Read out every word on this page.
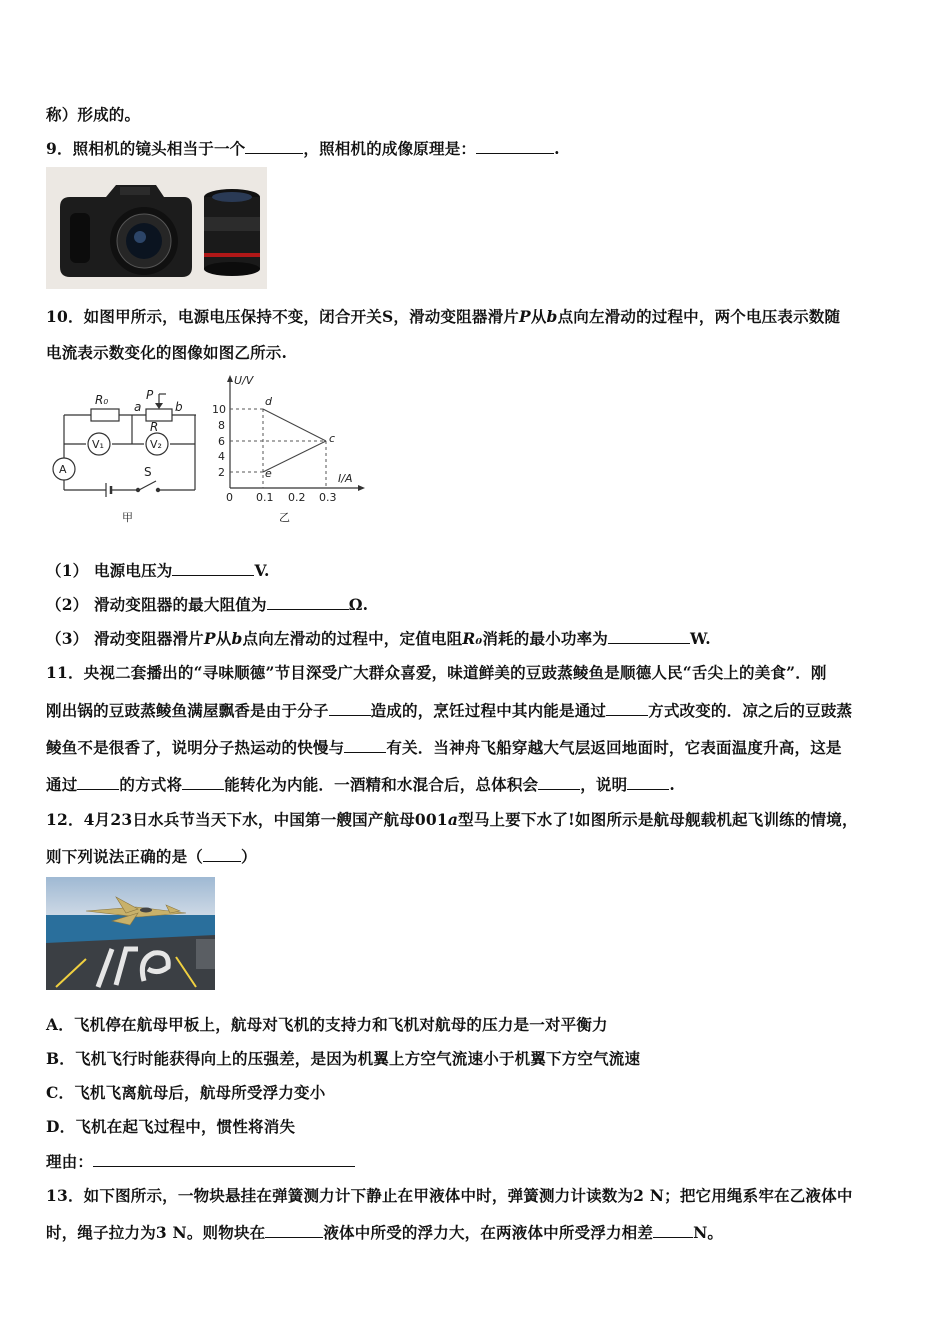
称）形成的。
9．照相机的镜头相当于一个	，照相机的成像原理是：	.
10．如图甲所示，电源电压保持不变，闭合开关S，滑动变阻器滑片P从b点向左滑动的过程中，两个电压表示数随
电流表示数变化的图像如图乙所示.
R₀ a
P
b
R
V₁	V₂
A	S
甲
U/V
I/A
10
8
6
4
2
0 0.1 0.2 0.3
d
c
e
乙
（1） 电源电压为	V.
（2） 滑动变阻器的最大阻值为	Ω.
（3） 滑动变阻器滑片P从b点向左滑动的过程中，定值电阻R₀消耗的最小功率为	W.
11．央视二套播出的“寻味顺德”节目深受广大群众喜爱，味道鲜美的豆豉蒸鲮鱼是顺德人民“舌尖上的美食”．刚
刚出锅的豆豉蒸鲮鱼满屋飘香是由于分子	造成的，烹饪过程中其内能是通过	方式改变的．凉之后的豆豉蒸
鲮鱼不是很香了，说明分子热运动的快慢与	有关．当神舟飞船穿越大气层返回地面时，它表面温度升高，这是
通过	的方式将	能转化为内能．一酒精和水混合后，总体积会	，说明	.
12．4月23日水兵节当天下水，中国第一艘国产航母001a型马上要下水了!如图所示是航母舰载机起飞训练的情境，
则下列说法正确的是（ ）
A．飞机停在航母甲板上，航母对飞机的支持力和飞机对航母的压力是一对平衡力
B．飞机飞行时能获得向上的压强差，是因为机翼上方空气流速小于机翼下方空气流速
C．飞机飞离航母后，航母所受浮力变小
D．飞机在起飞过程中，惯性将消失
理由：
13．如下图所示，一物块悬挂在弹簧测力计下静止在甲液体中时，弹簧测力计读数为2 N；把它用绳系牢在乙液体中
时，绳子拉力为3 N。则物块在	液体中所受的浮力大，在两液体中所受浮力相差	N。
